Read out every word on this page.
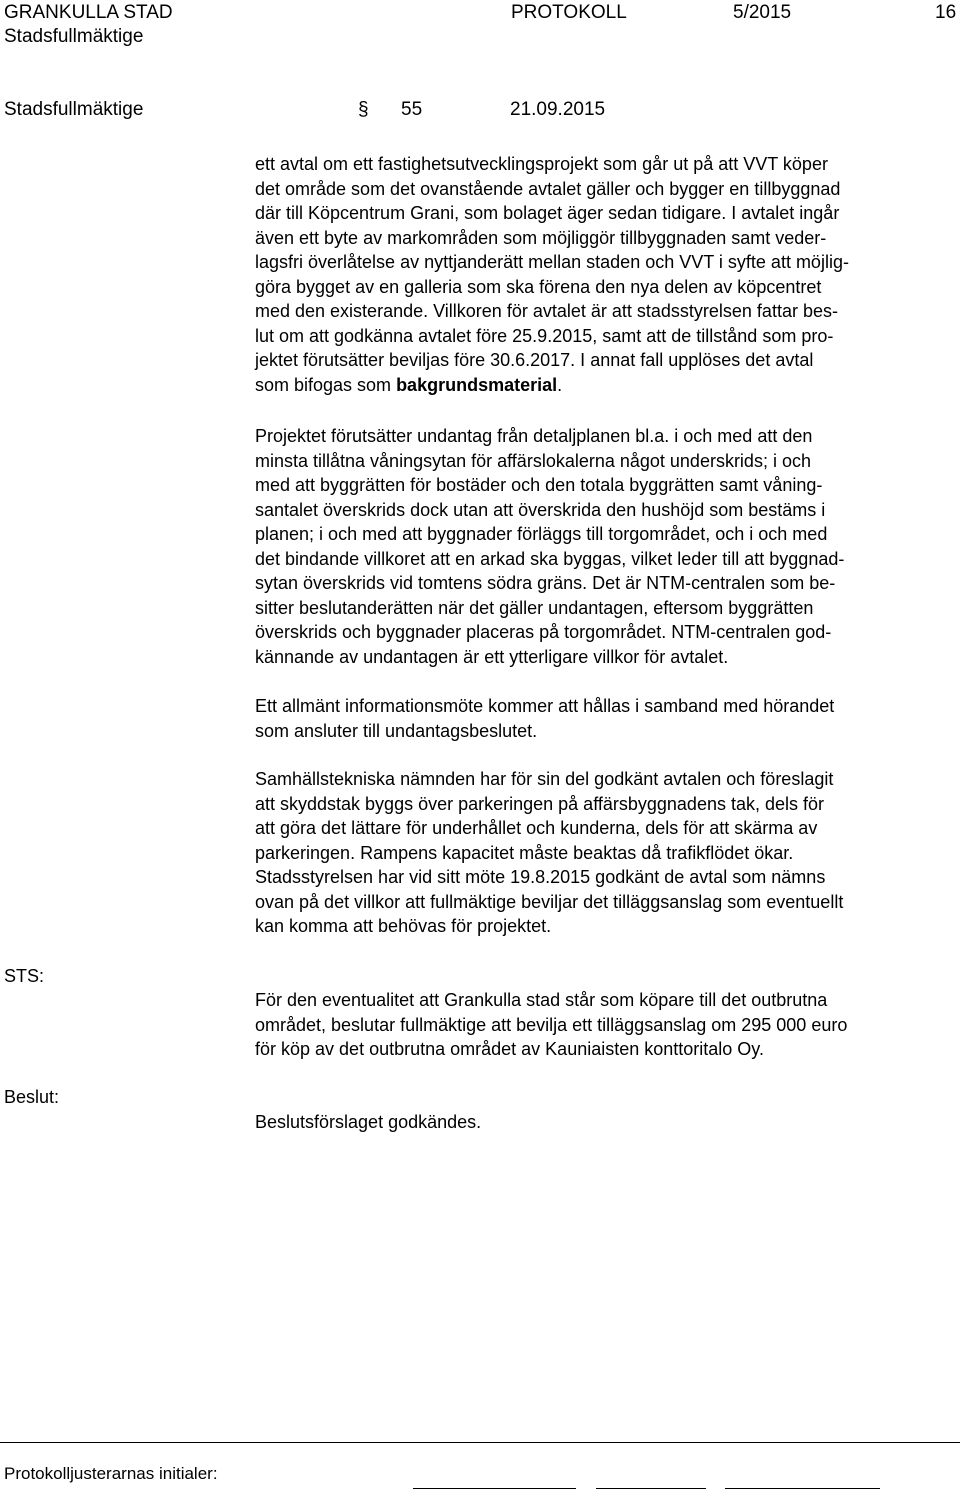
GRANKULLA STAD
Stadsfullmäktige
PROTOKOLL	5/2015	16
Stadsfullmäktige	§ 55	21.09.2015
ett avtal om ett fastighetsutvecklingsprojekt som går ut på att VVT köper
det område som det ovanstående avtalet gäller och bygger en tillbyggnad
där till Köpcentrum Grani, som bolaget äger sedan tidigare. I avtalet ingår
även ett byte av markområden som möjliggör tillbyggnaden samt veder-
lagsfri överlåtelse av nyttjanderätt mellan staden och VVT i syfte att möjlig-
göra bygget av en galleria som ska förena den nya delen av köpcentret
med den existerande. Villkoren för avtalet är att stadsstyrelsen fattar bes-
lut om att godkänna avtalet före 25.9.2015, samt att de tillstånd som pro-
jektet förutsätter beviljas före 30.6.2017. I annat fall upplöses det avtal
som bifogas som bakgrundsmaterial.
Projektet förutsätter undantag från detaljplanen bl.a. i och med att den
minsta tillåtna våningsytan för affärslokalerna något underskrids; i och
med att byggrätten för bostäder och den totala byggrätten samt våning-
santalet överskrids dock utan att överskrida den hushöjd som bestäms i
planen; i och med att byggnader förläggs till torgområdet, och i och med
det bindande villkoret att en arkad ska byggas, vilket leder till att byggnad-
sytan överskrids vid tomtens södra gräns. Det är NTM-centralen som be-
sitter beslutanderätten när det gäller undantagen, eftersom byggrätten
överskrids och byggnader placeras på torgområdet. NTM-centralen god-
kännande av undantagen är ett ytterligare villkor för avtalet.
Ett allmänt informationsmöte kommer att hållas i samband med hörandet
som ansluter till undantagsbeslutet.
Samhällstekniska nämnden har för sin del godkänt avtalen och föreslagit
att skyddstak byggs över parkeringen på affärsbyggnadens tak, dels för
att göra det lättare för underhållet och kunderna, dels för att skärma av
parkeringen. Rampens kapacitet måste beaktas då trafikflödet ökar.
Stadsstyrelsen har vid sitt möte 19.8.2015 godkänt de avtal som nämns
ovan på det villkor att fullmäktige beviljar det tilläggsanslag som eventuellt
kan komma att behövas för projektet.
STS:
För den eventualitet att Grankulla stad står som köpare till det outbrutna
området, beslutar fullmäktige att bevilja ett tilläggsanslag om 295 000 euro
för köp av det outbrutna området av Kauniaisten konttoritalo Oy.
Beslut:
Beslutsförslaget godkändes.
Protokolljusterarnas initialer:
